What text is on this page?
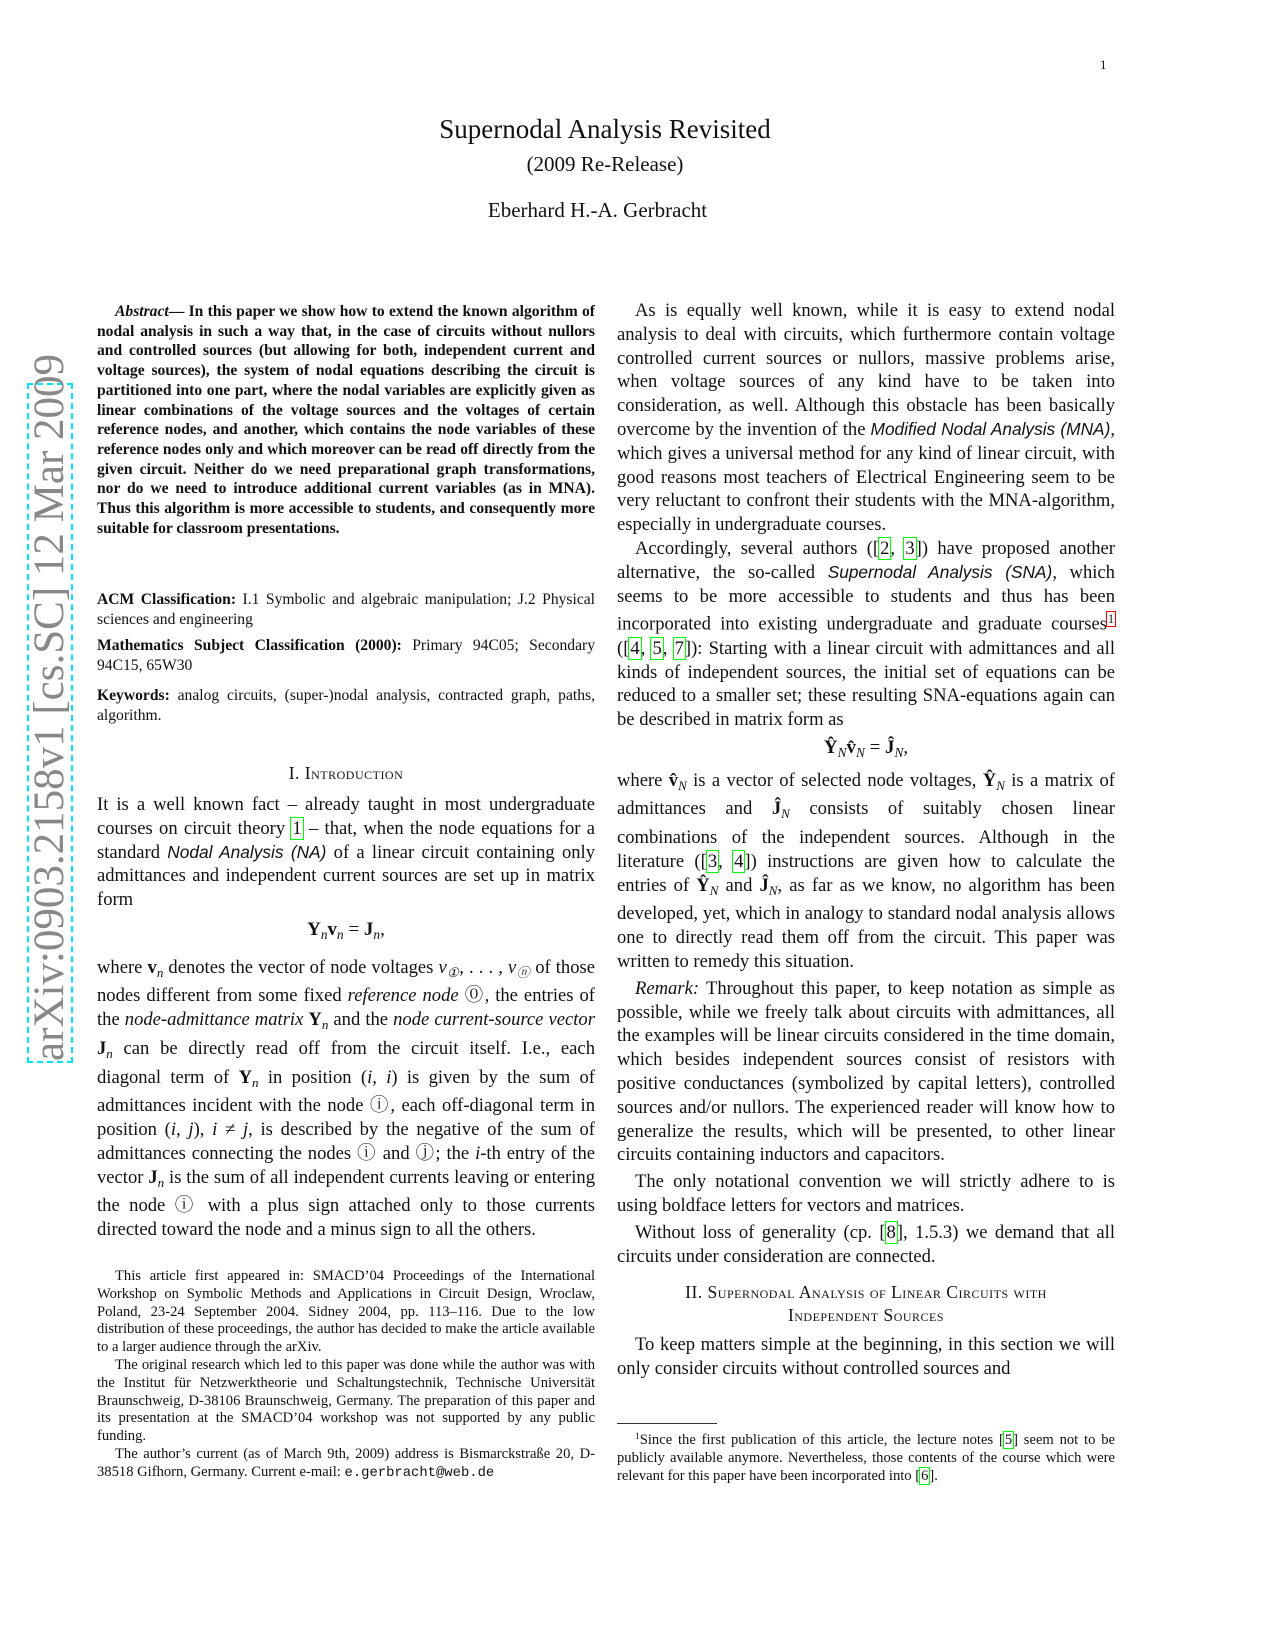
arXiv:0903.2158v1 [cs.SC] 12 Mar 2009
1
Supernodal Analysis Revisited
(2009 Re-Release)
Eberhard H.-A. Gerbracht
Abstract— In this paper we show how to extend the known algorithm of nodal analysis in such a way that, in the case of circuits without nullors and controlled sources (but allowing for both, independent current and voltage sources), the system of nodal equations describing the circuit is partitioned into one part, where the nodal variables are explicitly given as linear combinations of the voltage sources and the voltages of certain reference nodes, and another, which contains the node variables of these reference nodes only and which moreover can be read off directly from the given circuit. Neither do we need preparational graph transformations, nor do we need to introduce additional current variables (as in MNA). Thus this algorithm is more accessible to students, and consequently more suitable for classroom presentations.
ACM Classification: I.1 Symbolic and algebraic manipulation; J.2 Physical sciences and engineering
Mathematics Subject Classification (2000): Primary 94C05; Secondary 94C15, 65W30
Keywords: analog circuits, (super-)nodal analysis, contracted graph, paths, algorithm.
I. Introduction

It is a well known fact – already taught in most undergraduate courses on circuit theory 1 – that, when the node equations for a standard Nodal Analysis (NA) of a linear circuit containing only admittances and independent current sources are set up in matrix form

$Y_nv_n = J_n$,

where $v_n$ denotes the vector of node voltages $v_①$, . . . , $v_ⓝ$ of those nodes different from some fixed reference node ⓪, the entries of the node-admittance matrix $Y_n$ and the node current-source vector $J_n$ can be directly read off from the circuit itself. I.e., each diagonal term of $Y_n$ in position (i, i) is given by the sum of admittances incident with the node ⓘ, each off-diagonal term in position (i, j), i ≠ j, is described by the negative of the sum of admittances connecting the nodes ⓘ and ⓙ; the i-th entry of the vector $J_n$ is the sum of all independent currents leaving or entering the node ⓘ with a plus sign attached only to those currents directed toward the node and a minus sign to all the others.

This article first appeared in: SMACD’04 Proceedings of the International Workshop on Symbolic Methods and Applications in Circuit Design, Wroclaw, Poland, 23-24 September 2004. Sidney 2004, pp. 113–116. Due to the low distribution of these proceedings, the author has decided to make the article available to a larger audience through the arXiv.

The original research which led to this paper was done while the author was with the Institut für Netzwerktheorie und Schaltungstechnik, Technische Universität Braunschweig, D-38106 Braunschweig, Germany. The preparation of this paper and its presentation at the SMACD’04 workshop was not supported by any public funding.

The author’s current (as of March 9th, 2009) address is Bismarckstraße 20, D-38518 Gifhorn, Germany. Current e-mail: e.gerbracht@web.de

As is equally well known, while it is easy to extend nodal analysis to deal with circuits, which furthermore contain voltage controlled current sources or nullors, massive problems arise, when voltage sources of any kind have to be taken into consideration, as well. Although this obstacle has been basically overcome by the invention of the Modified Nodal Analysis (MNA), which gives a universal method for any kind of linear circuit, with good reasons most teachers of Electrical Engineering seem to be very reluctant to confront their students with the MNA-algorithm, especially in undergraduate courses.

Accordingly, several authors ([2, 3]) have proposed another alternative, the so-called Supernodal Analysis (SNA), which seems to be more accessible to students and thus has been incorporated into existing undergraduate and graduate courses$^1$ ([4, 5, 7]): Starting with a linear circuit with admittances and all kinds of independent sources, the initial set of equations can be reduced to a smaller set; these resulting SNA-equations again can be described in matrix form as

$Ŷ_Nv̂_N$ = $Ĵ_N$,

where $v̂_N$ is a vector of selected node voltages, $Ŷ_N$ is a matrix of admittances and $Ĵ_N$ consists of suitably chosen linear combinations of the independent sources. Although in the literature ([3, 4]) instructions are given how to calculate the entries of $Ŷ_N$ and $Ĵ_N$, as far as we know, no algorithm has been developed, yet, which in analogy to standard nodal analysis allows one to directly read them off from the circuit. This paper was written to remedy this situation.

Remark: Throughout this paper, to keep notation as simple as possible, while we freely talk about circuits with admittances, all the examples will be linear circuits considered in the time domain, which besides independent sources consist of resistors with positive conductances (symbolized by capital letters), controlled sources and/or nullors. The experienced reader will know how to generalize the results, which will be presented, to other linear circuits containing inductors and capacitors.

The only notational convention we will strictly adhere to is using boldface letters for vectors and matrices.

Without loss of generality (cp. [8], 1.5.3) we demand that all circuits under consideration are connected.

II. Supernodal Analysis of Linear Circuits with
Independent Sources

To keep matters simple at the beginning, in this section we will only consider circuits without controlled sources and

$^1$Since the first publication of this article, the lecture notes [5] seem not to be publicly available anymore. Nevertheless, those contents of the course which were relevant for this paper have been incorporated into [6].
